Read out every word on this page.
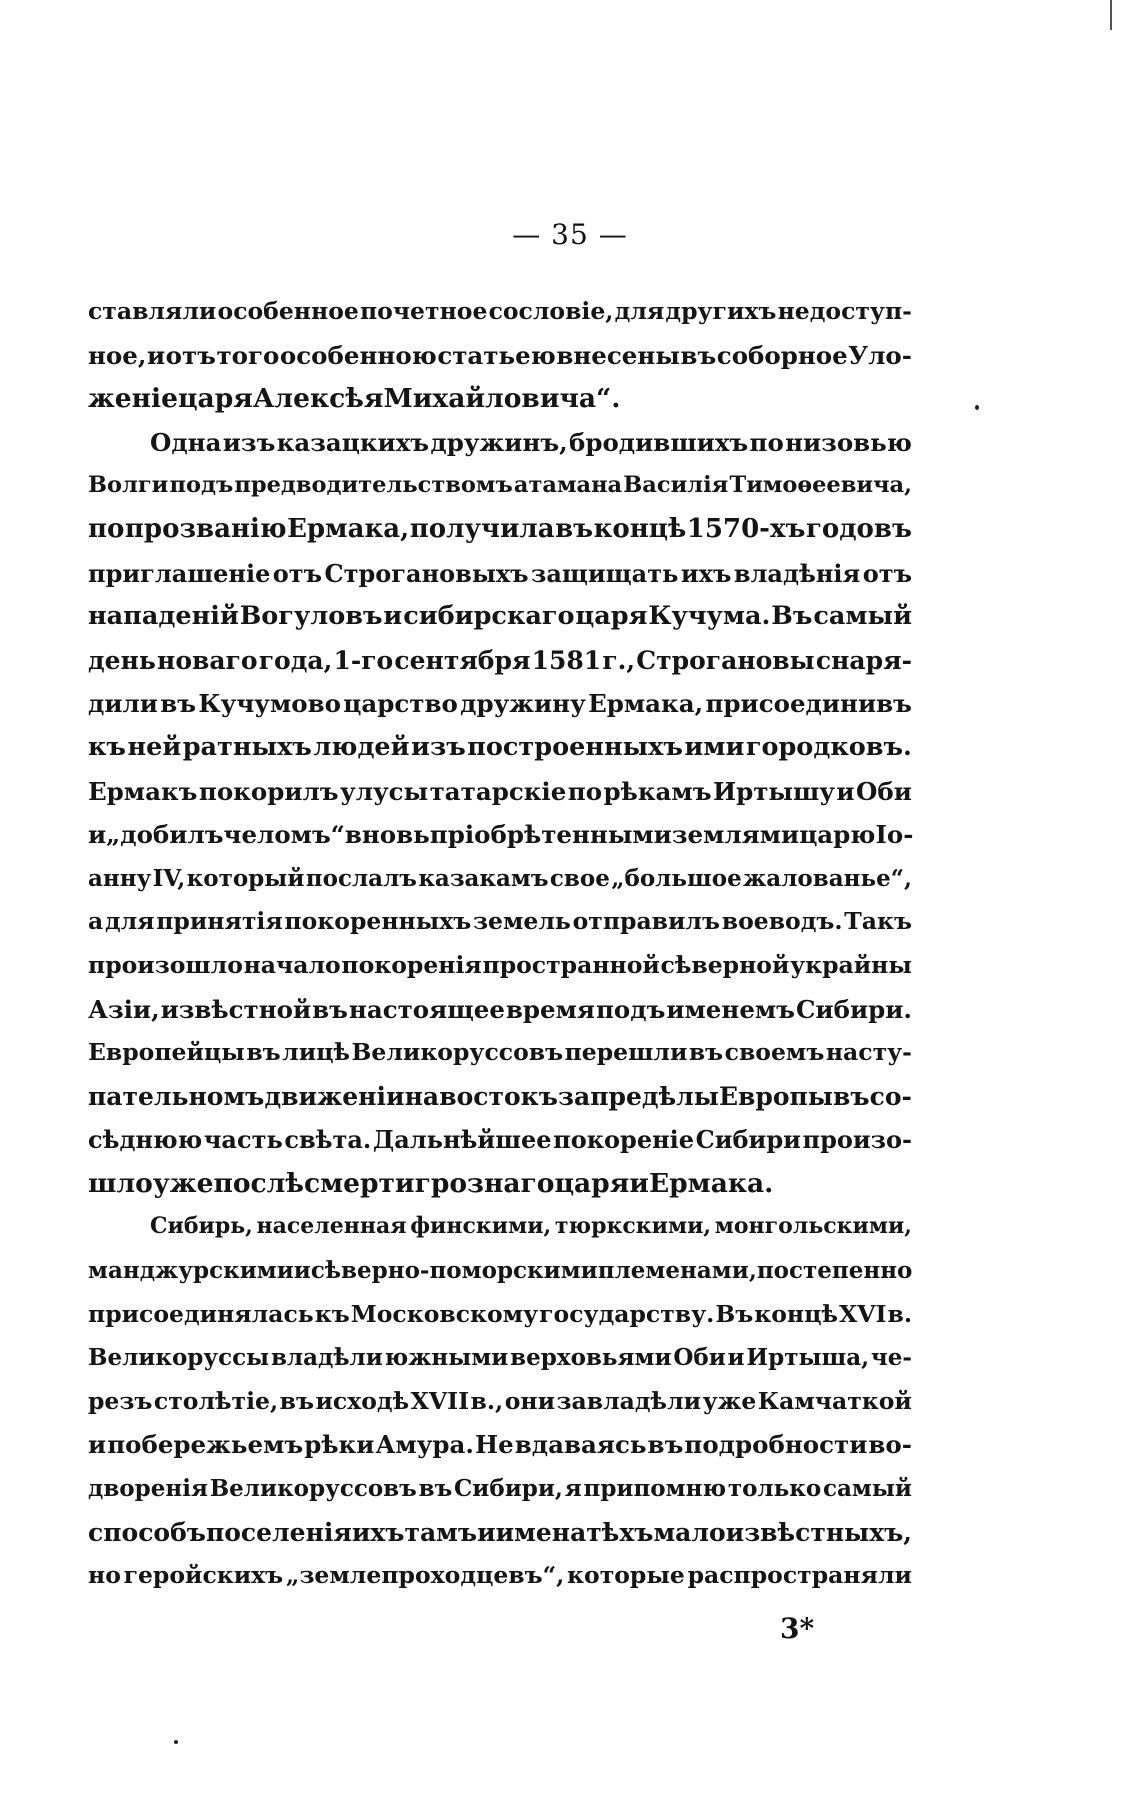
— 35 —
ставляли особенное почетное сословіе, для другихъ недоступ-
ное, и отъ того особенною статьею внесены въ соборное Уло-
женіе царя Алексѣя Михайловича“.
Одна изъ казацкихъ дружинъ, бродившихъ по низовью
Волги подъ предводительствомъ атамана Василія Тимоѳеевича,
по прозванію Ермака, получила въ концѣ 1570-хъ годовъ
приглашеніе отъ Строгановыхъ защищать ихъ владѣнія отъ
нападеній Вогуловъ и сибирскаго царя Кучума. Въ самый
день новаго года, 1-го сентября 1581 г., Строгановы снаря-
дили въ Кучумово царство дружину Ермака, присоединивъ
къ ней ратныхъ людей изъ построенныхъ ими городковъ.
Ермакъ покорилъ улусы татарскіе по рѣкамъ Иртышу и Оби
и „добилъ челомъ“ вновь пріобрѣтенными землями царю Іо-
анну IV, который послалъ казакамъ свое „большое жалованье“,
а для принятія покоренныхъ земель отправилъ воеводъ. Такъ
произошло начало покоренія пространной сѣверной украйны
Азіи, извѣстной въ настоящее время подъ именемъ Сибири.
Европейцы въ лицѣ Великоруссовъ перешли въ своемъ насту-
пательномъ движеніи на востокъ за предѣлы Европы въ со-
сѣднюю часть свѣта. Дальнѣйшее покореніе Сибири произо-
шло уже послѣ смерти грознаго царя и Ермака.
Сибирь, населенная финскими, тюркскими, монгольскими,
манджурскими и сѣверно-поморскими племенами, постепенно
присоединялась къ Московскому государству. Въ концѣ XVI в.
Великоруссы владѣли южными верховьями Оби и Иртыша, че-
резъ столѣтіе, въ исходѣ XVII в., они завладѣли уже Камчаткой
и побережьемъ рѣки Амура. Не вдаваясь въ подробности во-
дворенія Великоруссовъ въ Сибири, я припомню только самый
способъ поселенія ихъ тамъ и имена тѣхъ малоизвѣстныхъ,
но геройскихъ „землепроходцевъ“, которые распространяли
3*
